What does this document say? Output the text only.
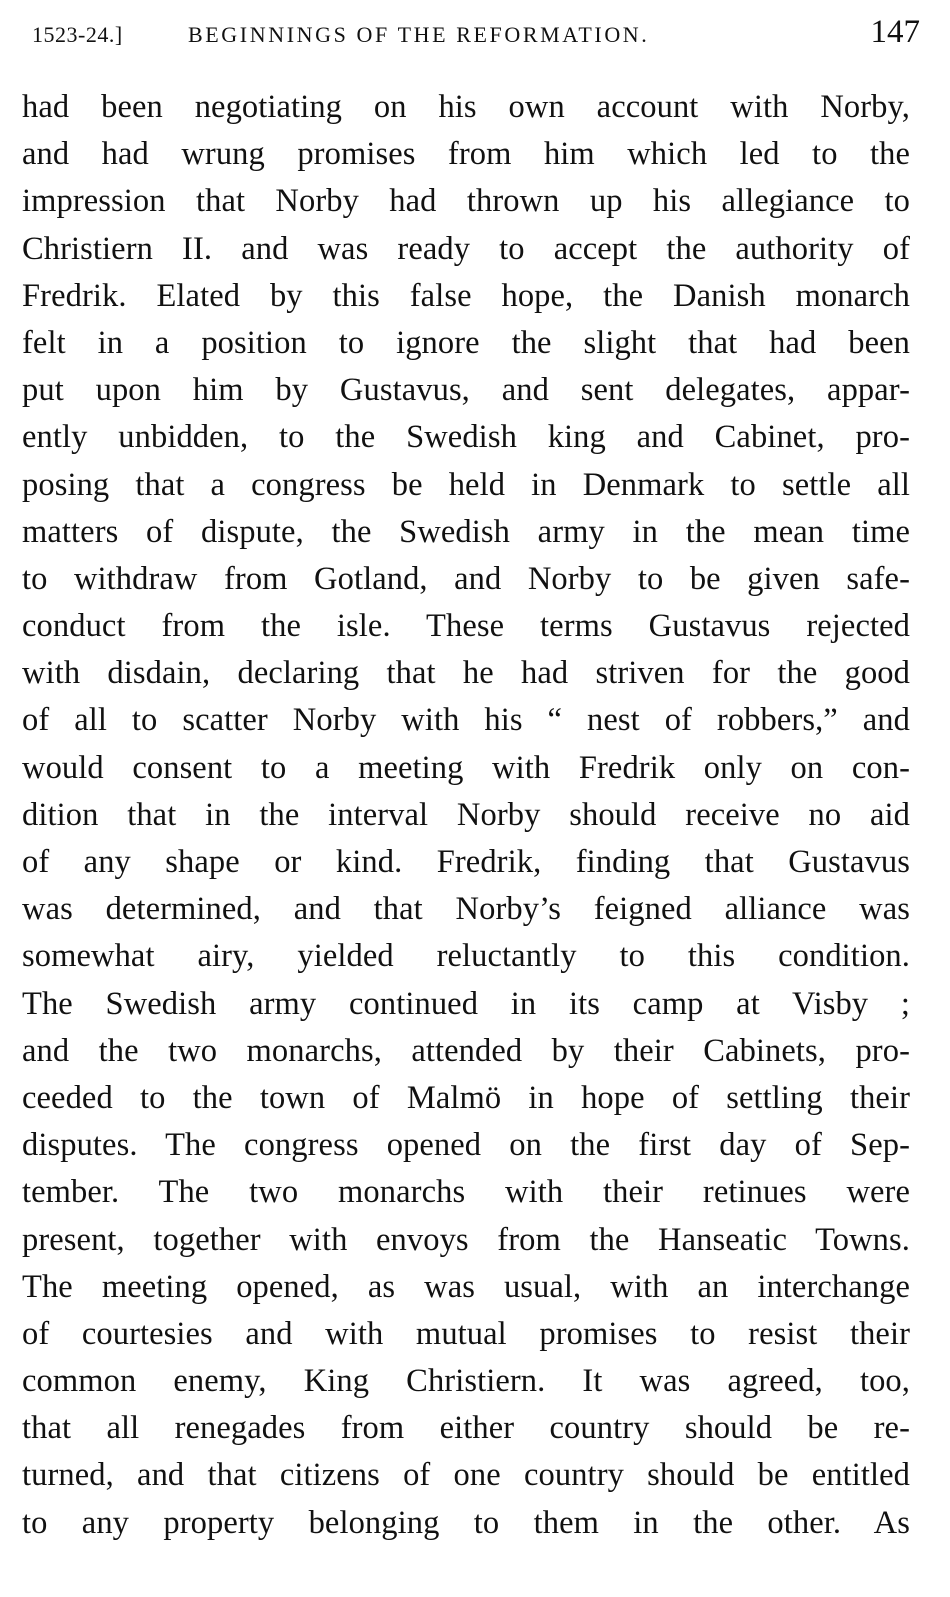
1523-24.]	BEGINNINGS OF THE REFORMATION.	147
had been negotiating on his own account with Norby,
and had wrung promises from him which led to the
impression that Norby had thrown up his allegiance to
Christiern II. and was ready to accept the authority of
Fredrik. Elated by this false hope, the Danish monarch
felt in a position to ignore the slight that had been
put upon him by Gustavus, and sent delegates, appar-
ently unbidden, to the Swedish king and Cabinet, pro-
posing that a congress be held in Denmark to settle all
matters of dispute, the Swedish army in the mean time
to withdraw from Gotland, and Norby to be given safe-
conduct from the isle. These terms Gustavus rejected
with disdain, declaring that he had striven for the good
of all to scatter Norby with his “ nest of robbers,” and
would consent to a meeting with Fredrik only on con-
dition that in the interval Norby should receive no aid
of any shape or kind. Fredrik, finding that Gustavus
was determined, and that Norby’s feigned alliance was
somewhat airy, yielded reluctantly to this condition.
The Swedish army continued in its camp at Visby ;
and the two monarchs, attended by their Cabinets, pro-
ceeded to the town of Malmö in hope of settling their
disputes. The congress opened on the first day of Sep-
tember. The two monarchs with their retinues were
present, together with envoys from the Hanseatic Towns.
The meeting opened, as was usual, with an interchange
of courtesies and with mutual promises to resist their
common enemy, King Christiern. It was agreed, too,
that all renegades from either country should be re-
turned, and that citizens of one country should be entitled
to any property belonging to them in the other. As
